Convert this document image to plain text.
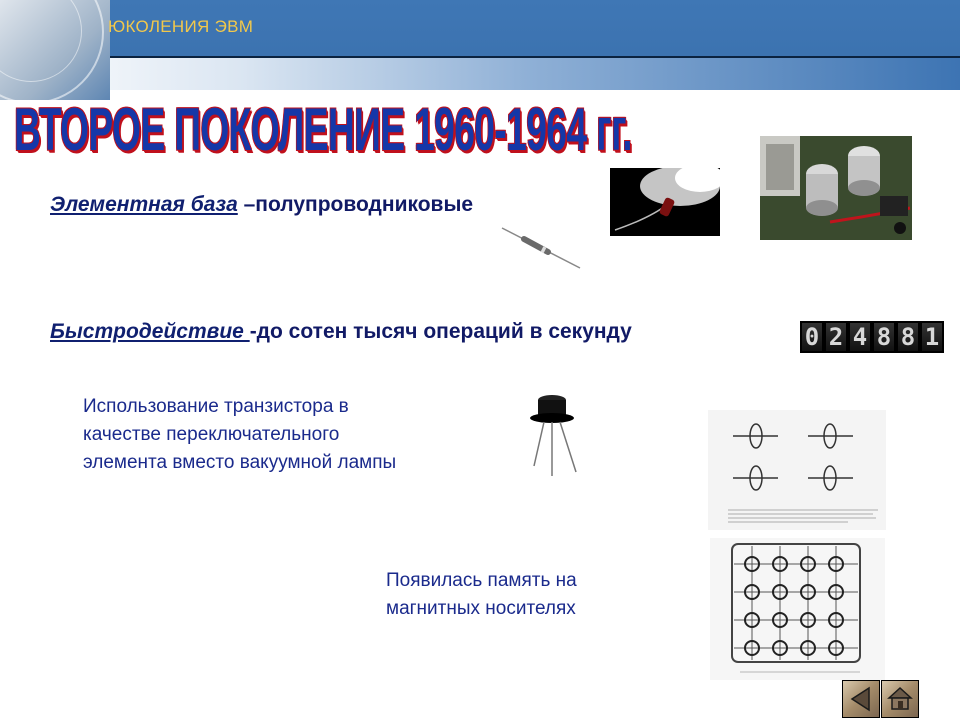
ЮКОЛЕНИЯ ЭВМ
ВТОРОЕ ПОКОЛЕНИЕ 1960-1964 гг.
Элементная база –полупроводниковые
Быстродействие -до сотен тысяч операций в секунду
Использование транзистора в
качестве переключательного
элемента вместо вакуумной лампы
Появилась память на
магнитных носителях
0 2 4 8 8 1
